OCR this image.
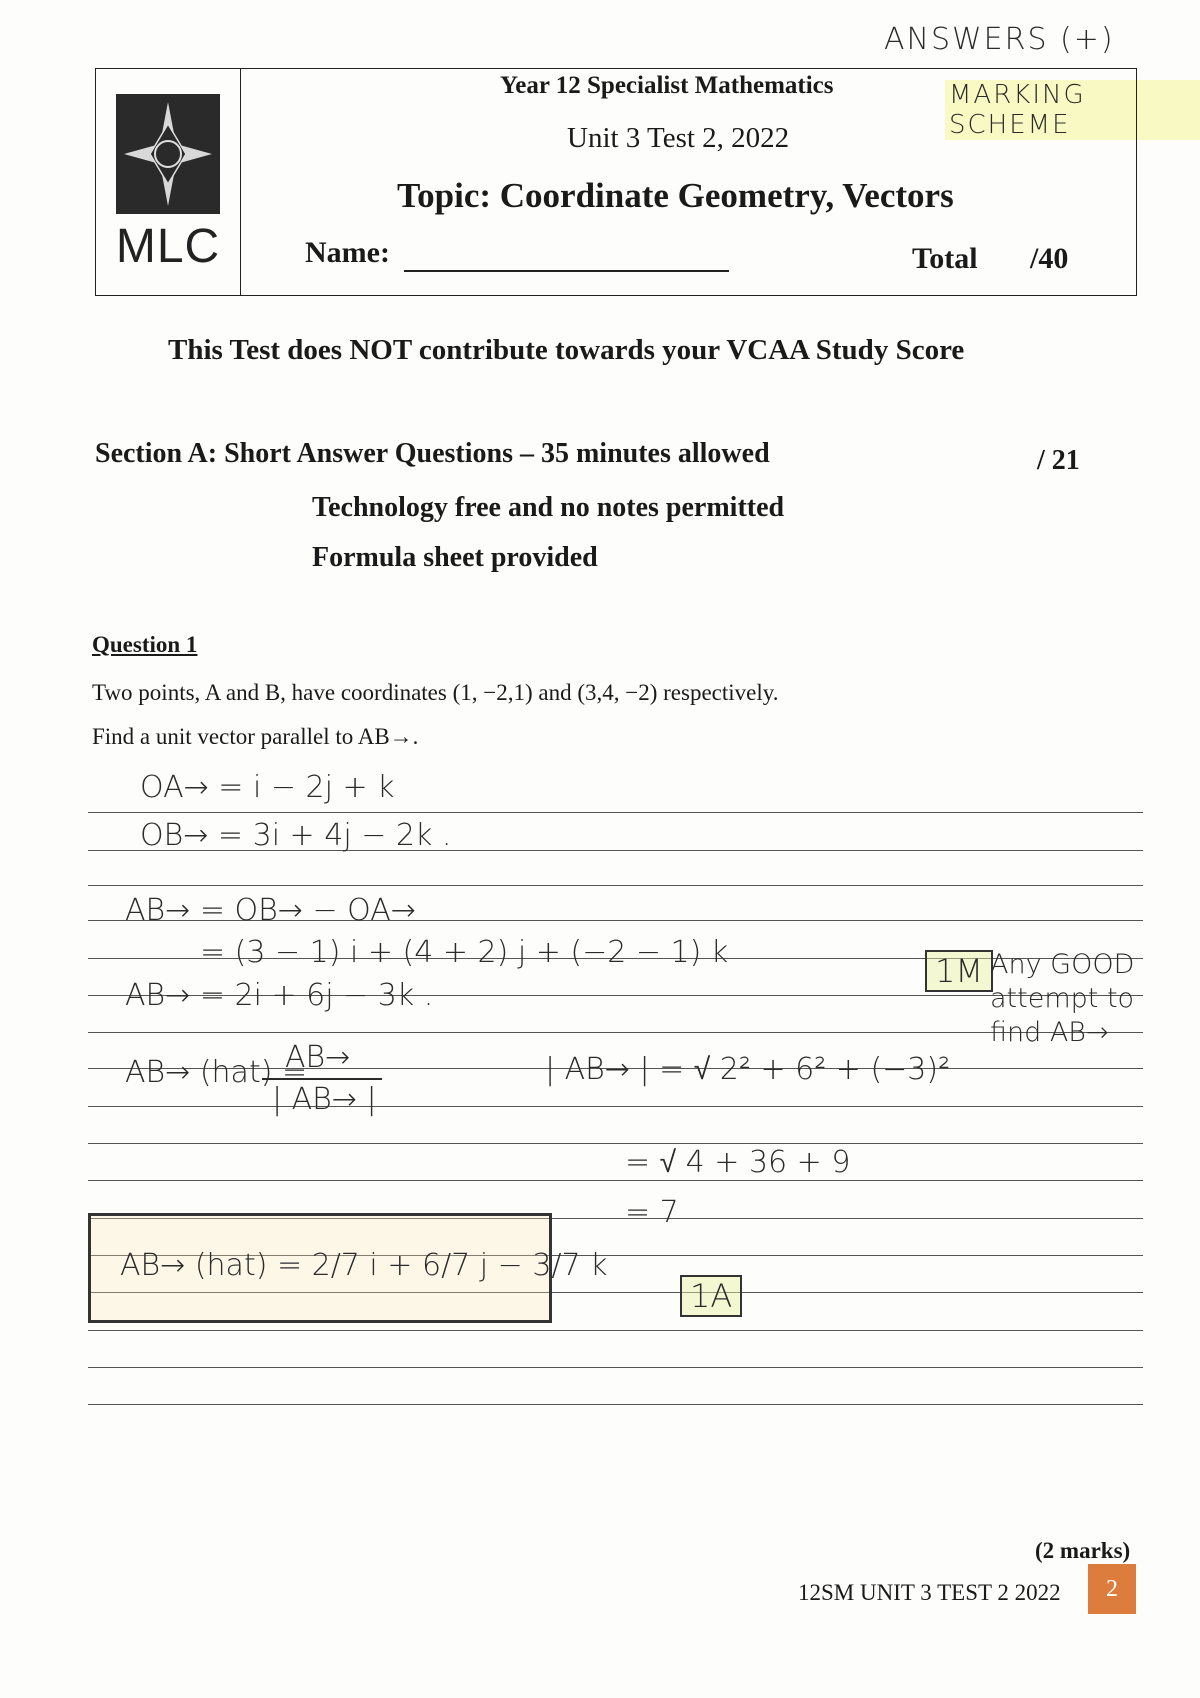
ANSWERS (+)
MARKING SCHEME
MLC
Year 12 Specialist Mathematics
Unit 3 Test 2, 2022
Topic: Coordinate Geometry, Vectors
Name:	Total /40
This Test does NOT contribute towards your VCAA Study Score
Section A: Short Answer Questions – 35 minutes allowed	/ 21
Technology free and no notes permitted
Formula sheet provided
Question 1
Two points, A and B, have coordinates (1, −2,1) and (3,4, −2) respectively.
Find a unit vector parallel to AB→.
OA→ = i − 2j + k
OB→ = 3i + 4j − 2k .
AB→ = OB→ − OA→
= (3 − 1) i + (4 + 2) j + (−2 − 1) k
AB→ = 2i + 6j − 3k .
AB→ (hat) =
AB→
| AB→ |
| AB→ | = √ 2² + 6² + (−3)²
= √ 4 + 36 + 9
= 7
AB→ (hat) = 2/7 i + 6/7 j − 3/7 k
1M Any GOOD attempt to find AB→
1A
(2 marks)
12SM UNIT 3 TEST 2 2022	2
